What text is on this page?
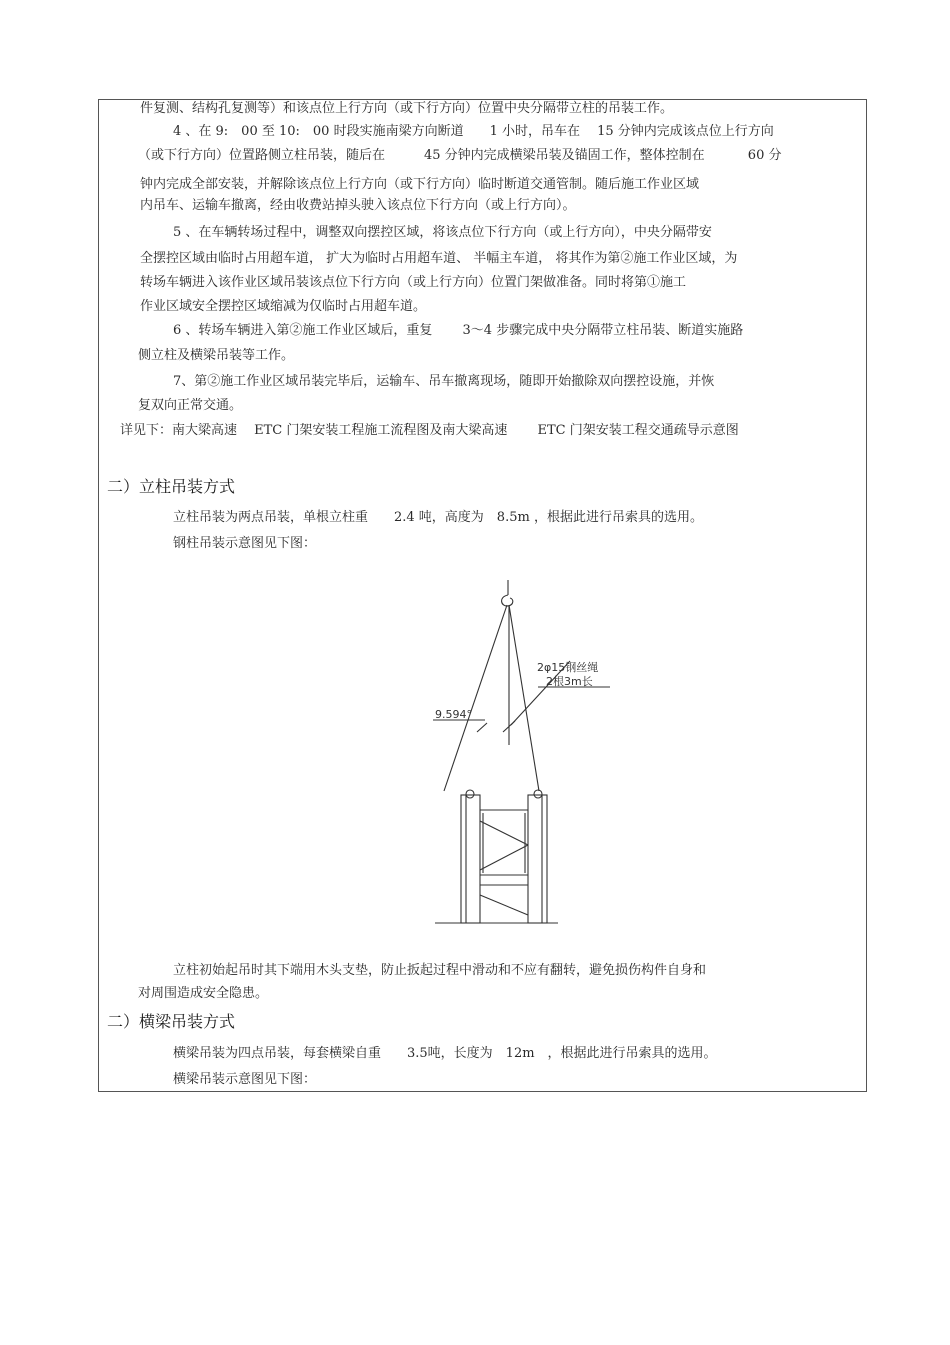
件复测、结构孔复测等）和该点位上行方向（或下行方向）位置中央分隔带立柱的吊装工作。
4 、在 9:　00 至 10:　00 时段实施南梁方向断道　　1 小时，吊车在　 15 分钟内完成该点位上行方向
（或下行方向）位置路侧立柱吊装，随后在　　　45 分钟内完成横梁吊装及锚固工作，整体控制在　　　 60 分
钟内完成全部安装，并解除该点位上行方向（或下行方向）临时断道交通管制。随后施工作业区域
内吊车、运输车撤离，经由收费站掉头驶入该点位下行方向（或上行方向）。
5 、在车辆转场过程中，调整双向摆控区域，将该点位下行方向（或上行方向），中央分隔带安
全摆控区域由临时占用超车道， 扩大为临时占用超车道、 半幅主车道， 将其作为第②施工作业区域，为
转场车辆进入该作业区域吊装该点位下行方向（或上行方向）位置门架做准备。同时将第①施工
作业区域安全摆控区域缩减为仅临时占用超车道。
6 、转场车辆进入第②施工作业区域后，重复　　 3～4 步骤完成中央分隔带立柱吊装、断道实施路
侧立柱及横梁吊装等工作。
7、第②施工作业区域吊装完毕后，运输车、吊车撤离现场，随即开始撤除双向摆控设施，并恢
复双向正常交通。
详见下：南大梁高速　 ETC 门架安装工程施工流程图及南大梁高速　　 ETC 门架安装工程交通疏导示意图
二）立柱吊装方式
立柱吊装为两点吊装，单根立柱重　　2.4 吨，高度为　8.5m ，根据此进行吊索具的选用。
钢柱吊装示意图见下图：
9.594°
2φ15钢丝绳
2根3m长
立柱初始起吊时其下端用木头支垫，防止扳起过程中滑动和不应有翻转，避免损伤构件自身和
对周围造成安全隐患。
二）横梁吊装方式
横梁吊装为四点吊装，每套横梁自重　　3.5吨，长度为　12m　，根据此进行吊索具的选用。
横梁吊装示意图见下图：
